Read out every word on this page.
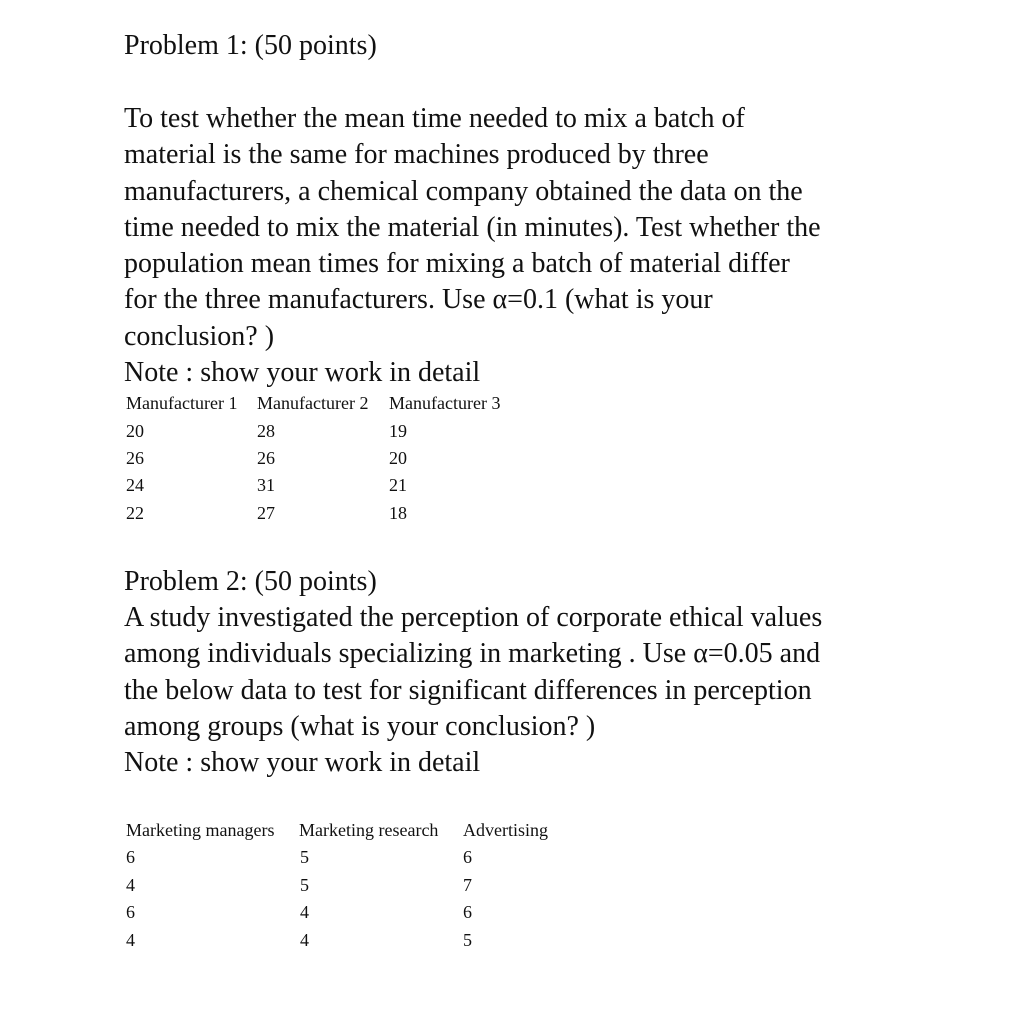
Problem 1: (50 points)
To test whether the mean time needed to mix a batch of
material is the same for machines produced by three
manufacturers, a chemical company obtained the data on the
time needed to mix the material (in minutes). Test whether the
population mean times for mixing a batch of material differ
for the three manufacturers. Use α=0.1 (what is your
conclusion? )
Note : show your work in detail
Manufacturer 1 Manufacturer 2 Manufacturer 3
20	28	19
26	26	20
24	31	21
22	27	18
Problem 2: (50 points)
A study investigated the perception of corporate ethical values
among individuals specializing in marketing . Use α=0.05 and
the below data to test for significant differences in perception
among groups (what is your conclusion? )
Note : show your work in detail
Marketing managers Marketing research Advertising
6	5	6
4	5	7
6	4	6
4	4	5
